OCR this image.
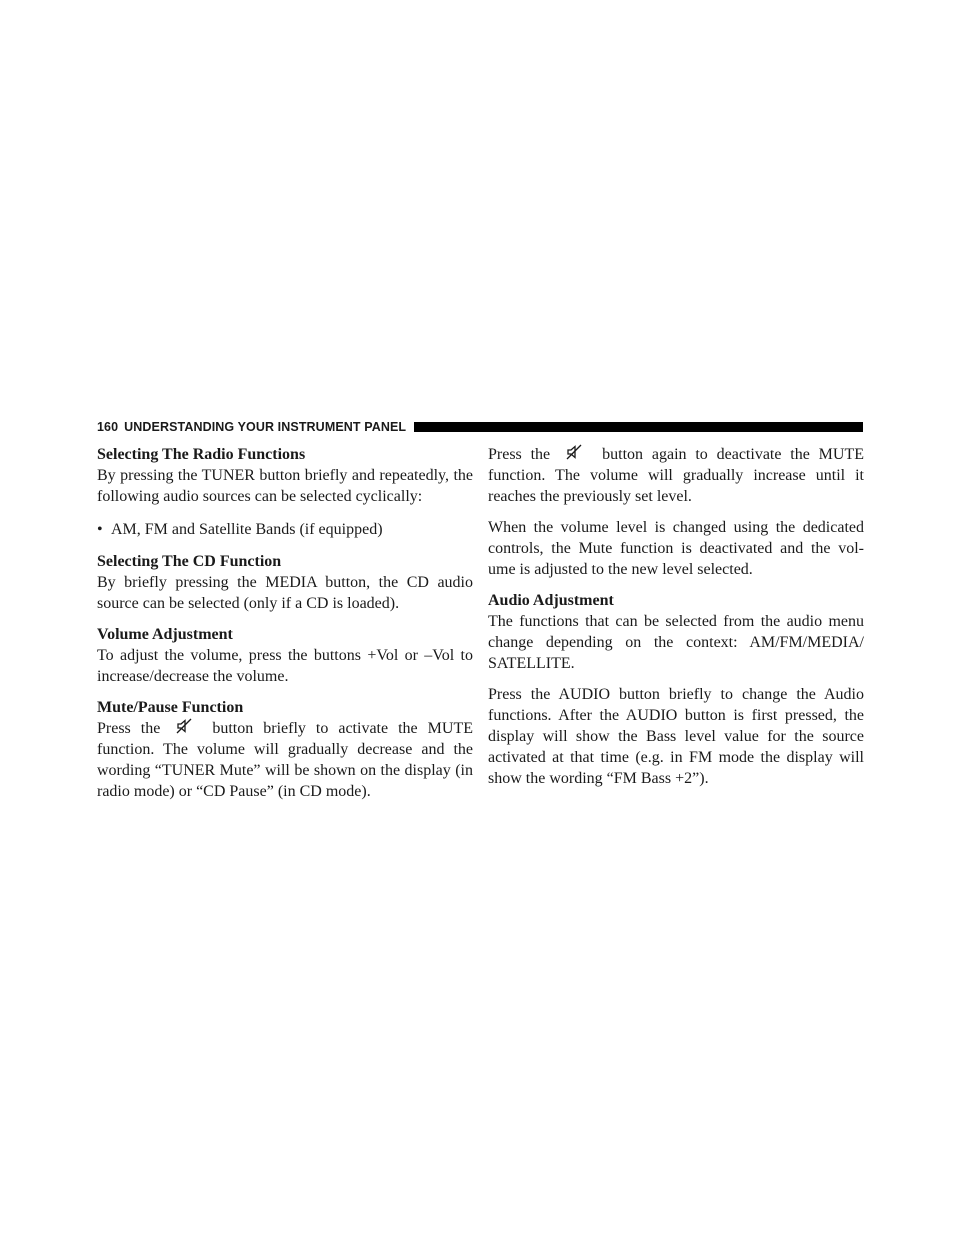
160 UNDERSTANDING YOUR INSTRUMENT PANEL
Selecting The Radio Functions

By pressing the TUNER button briefly and repeatedly, the following audio sources can be selected cyclically:

• AM, FM and Satellite Bands (if equipped)
Selecting The CD Function

By briefly pressing the MEDIA button, the CD audio source can be selected (only if a CD is loaded).

Volume Adjustment

To adjust the volume, press the buttons +Vol or –Vol to increase/decrease the volume.

Mute/Pause Function

Press the	button briefly to activate the MUTE function. The volume will gradually decrease and the wording “TUNER Mute” will be shown on the display (in radio mode) or “CD Pause” (in CD mode).

Press the	button again to deactivate the MUTE function. The volume will gradually increase until it reaches the previously set level.

When the volume level is changed using the dedicated controls, the Mute function is deactivated and the vol- ume is adjusted to the new level selected.

Audio Adjustment

The functions that can be selected from the audio menu change depending on the context: AM/FM/MEDIA/ SATELLITE.

Press the AUDIO button briefly to change the Audio functions. After the AUDIO button is first pressed, the display will show the Bass level value for the source activated at that time (e.g. in FM mode the display will show the wording “FM Bass +2”).
